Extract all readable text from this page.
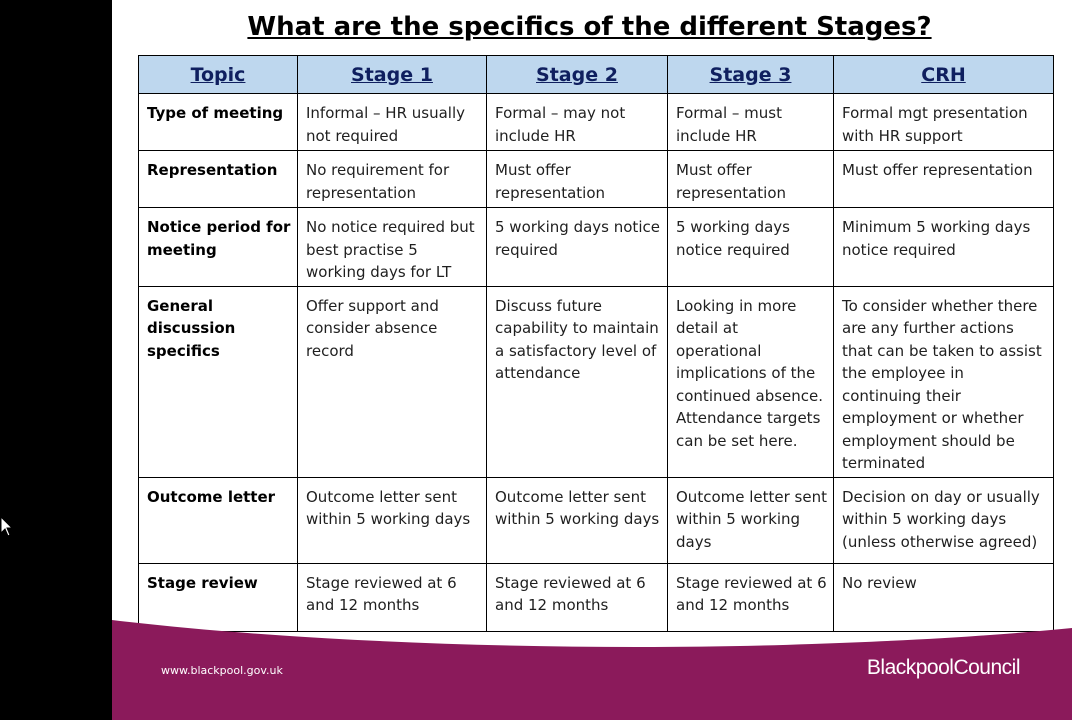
What are the specifics of the different Stages?
Topic	Stage 1	Stage 2	Stage 3	CRH
Type of meeting	Informal – HR usually not required	Formal – may not include HR	Formal – must include HR	Formal mgt presentation with HR support
Representation	No requirement for representation	Must offer representation	Must offer representation	Must offer representation
Notice period for meeting	No notice required but best practise 5 working days for LT	5 working days notice required	5 working days notice required	Minimum 5 working days notice required
General discussion specifics	Offer support and consider absence record	Discuss future capability to maintain a satisfactory level of attendance	Looking in more detail at operational implications of the continued absence. Attendance targets can be set here.	To consider whether there are any further actions that can be taken to assist the employee in continuing their employment or whether employment should be terminated
Outcome letter	Outcome letter sent within 5 working days	Outcome letter sent within 5 working days	Outcome letter sent within 5 working days	Decision on day or usually within 5 working days (unless otherwise agreed)
Stage review	Stage reviewed at 6 and 12 months	Stage reviewed at 6 and 12 months	Stage reviewed at 6 and 12 months	No review
www.blackpool.gov.uk	BlackpoolCouncil
